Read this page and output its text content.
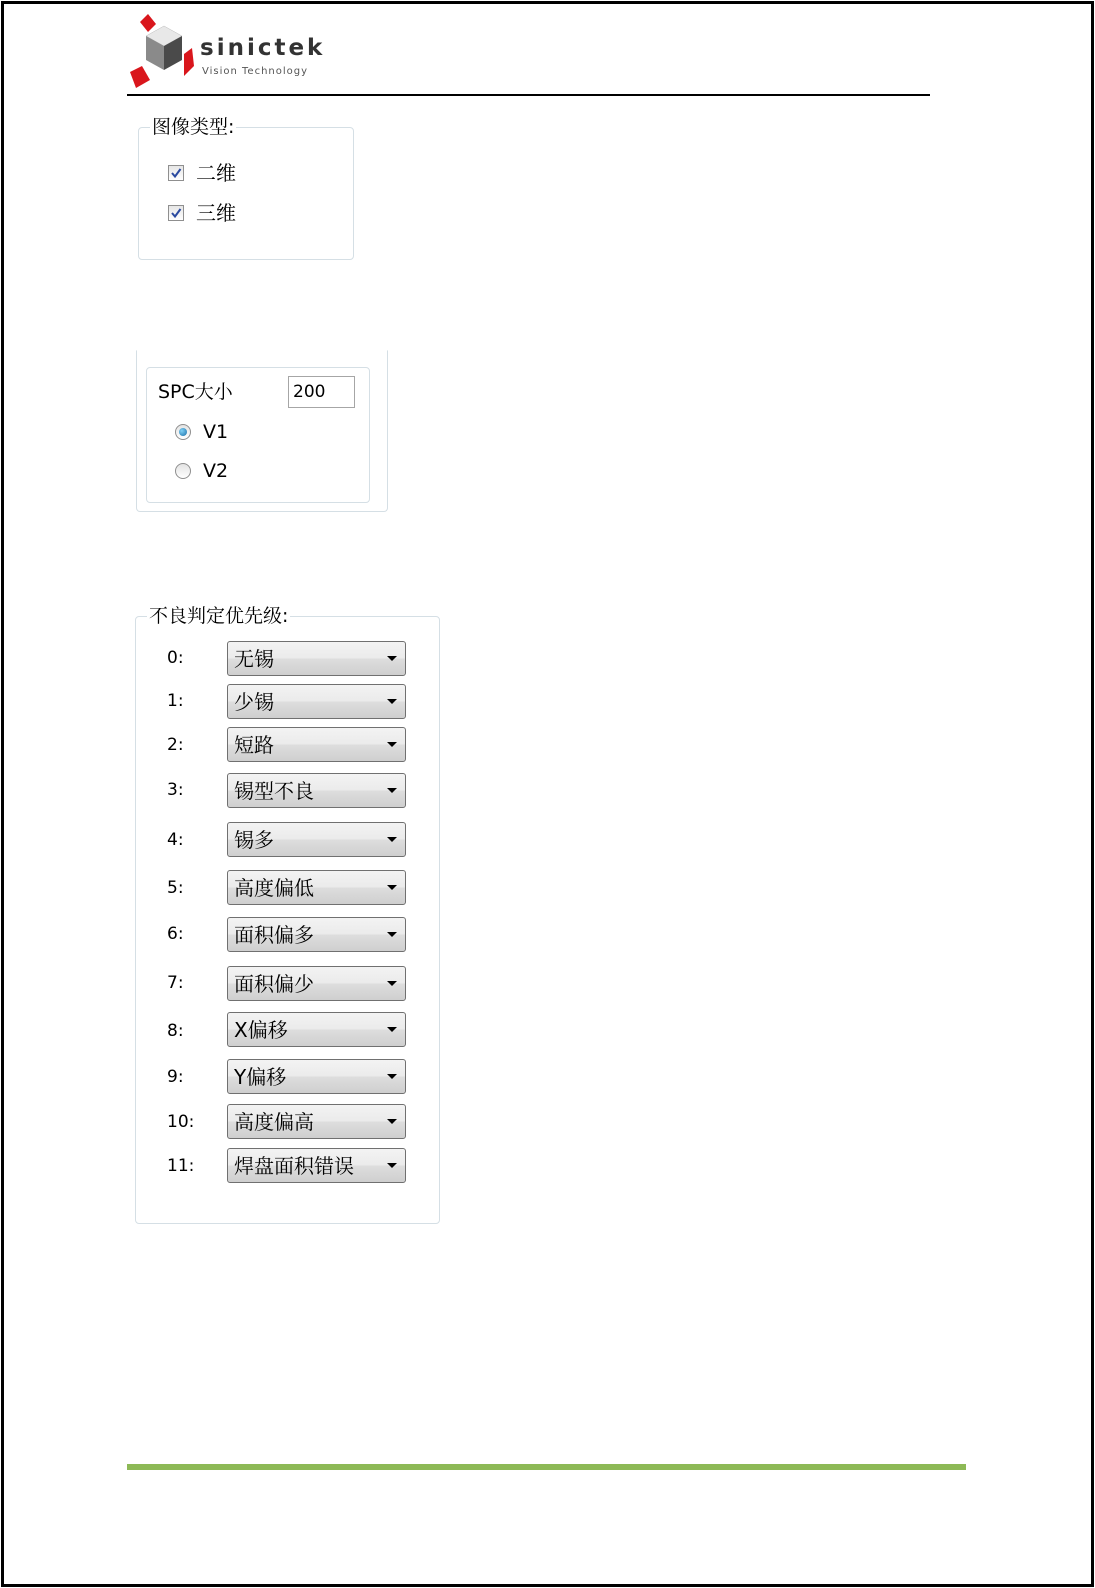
sinictek
Vision Technology
图像类型:
二维
三维
SPC大小
200
V1
V2
不良判定优先级:
0:	无锡
1:	少锡
2:	短路
3:	锡型不良
4:	锡多
5:	高度偏低
6:	面积偏多
7:	面积偏少
8:	X偏移
9:	Y偏移
10:	高度偏高
11:	焊盘面积错误
